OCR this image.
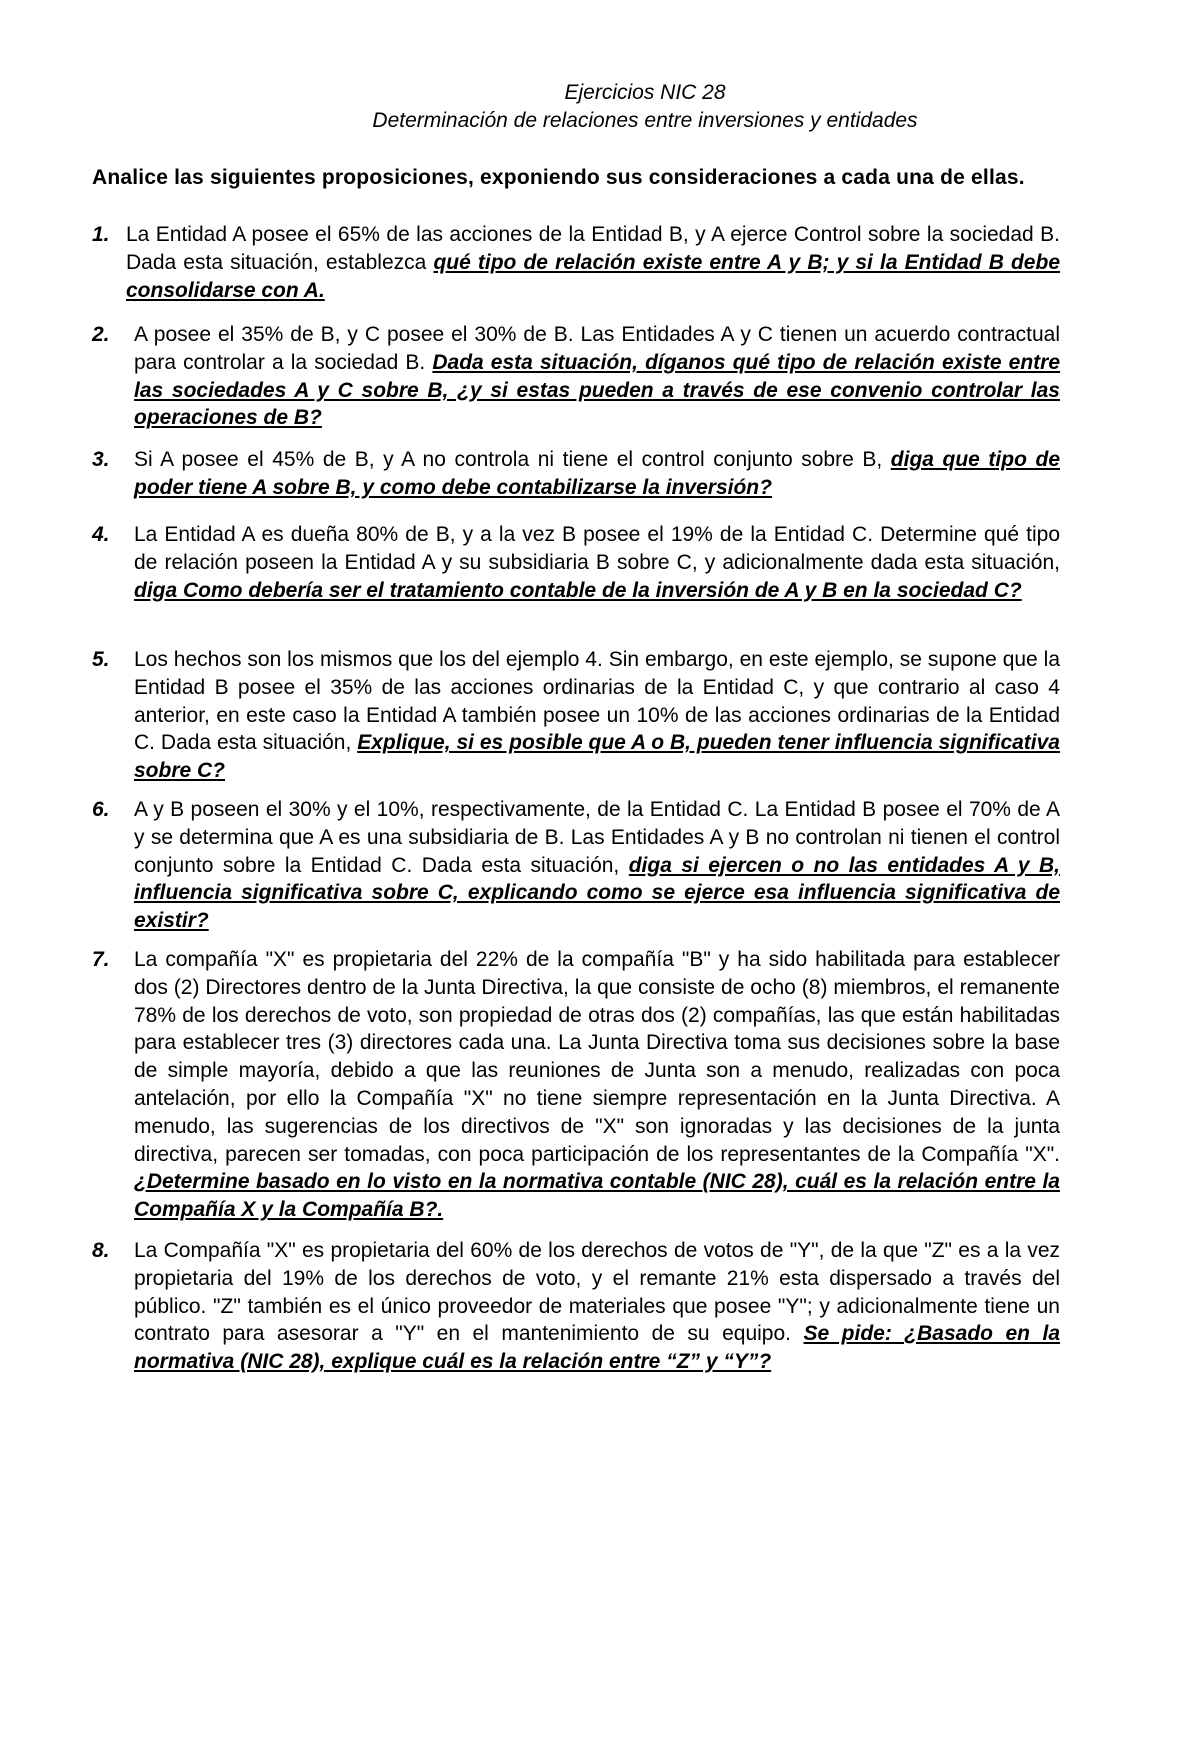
Ejercicios NIC 28
Determinación de relaciones entre inversiones y entidades
Analice las siguientes proposiciones, exponiendo sus consideraciones a cada una de ellas.
1. La Entidad A posee el 65% de las acciones de la Entidad B, y A ejerce Control sobre la sociedad B. Dada esta situación, establezca qué tipo de relación existe entre A y B; y si la Entidad B debe consolidarse con A.
2. A posee el 35% de B, y C posee el 30% de B. Las Entidades A y C tienen un acuerdo contractual para controlar a la sociedad B. Dada esta situación, díganos qué tipo de relación existe entre las sociedades A y C sobre B, ¿y si estas pueden a través de ese convenio controlar las operaciones de B?
3. Si A posee el 45% de B, y A no controla ni tiene el control conjunto sobre B, diga que tipo de poder tiene A sobre B, y como debe contabilizarse la inversión?
4. La Entidad A es dueña 80% de B, y a la vez B posee el 19% de la Entidad C. Determine qué tipo de relación poseen la Entidad A y su subsidiaria B sobre C, y adicionalmente dada esta situación, diga Como debería ser el tratamiento contable de la inversión de A y B en la sociedad C?
5. Los hechos son los mismos que los del ejemplo 4. Sin embargo, en este ejemplo, se supone que la Entidad B posee el 35% de las acciones ordinarias de la Entidad C, y que contrario al caso 4 anterior, en este caso la Entidad A también posee un 10% de las acciones ordinarias de la Entidad C. Dada esta situación, Explique, si es posible que A o B, pueden tener influencia significativa sobre C?
6. A y B poseen el 30% y el 10%, respectivamente, de la Entidad C. La Entidad B posee el 70% de A y se determina que A es una subsidiaria de B. Las Entidades A y B no controlan ni tienen el control conjunto sobre la Entidad C. Dada esta situación, diga si ejercen o no las entidades A y B, influencia significativa sobre C, explicando como se ejerce esa influencia significativa de existir?
7. La compañía "X" es propietaria del 22% de la compañía "B" y ha sido habilitada para establecer dos (2) Directores dentro de la Junta Directiva, la que consiste de ocho (8) miembros, el remanente 78% de los derechos de voto, son propiedad de otras dos (2) compañías, las que están habilitadas para establecer tres (3) directores cada una. La Junta Directiva toma sus decisiones sobre la base de simple mayoría, debido a que las reuniones de Junta son a menudo, realizadas con poca antelación, por ello la Compañía "X" no tiene siempre representación en la Junta Directiva. A menudo, las sugerencias de los directivos de "X" son ignoradas y las decisiones de la junta directiva, parecen ser tomadas, con poca participación de los representantes de la Compañía "X". ¿Determine basado en lo visto en la normativa contable (NIC 28), cuál es la relación entre la Compañía X y la Compañía B?.
8. La Compañía "X" es propietaria del 60% de los derechos de votos de "Y", de la que "Z" es a la vez propietaria del 19% de los derechos de voto, y el remante 21% esta dispersado a través del público. "Z" también es el único proveedor de materiales que posee "Y"; y adicionalmente tiene un contrato para asesorar a "Y" en el mantenimiento de su equipo. Se pide: ¿Basado en la normativa (NIC 28), explique cuál es la relación entre “Z” y “Y”?
